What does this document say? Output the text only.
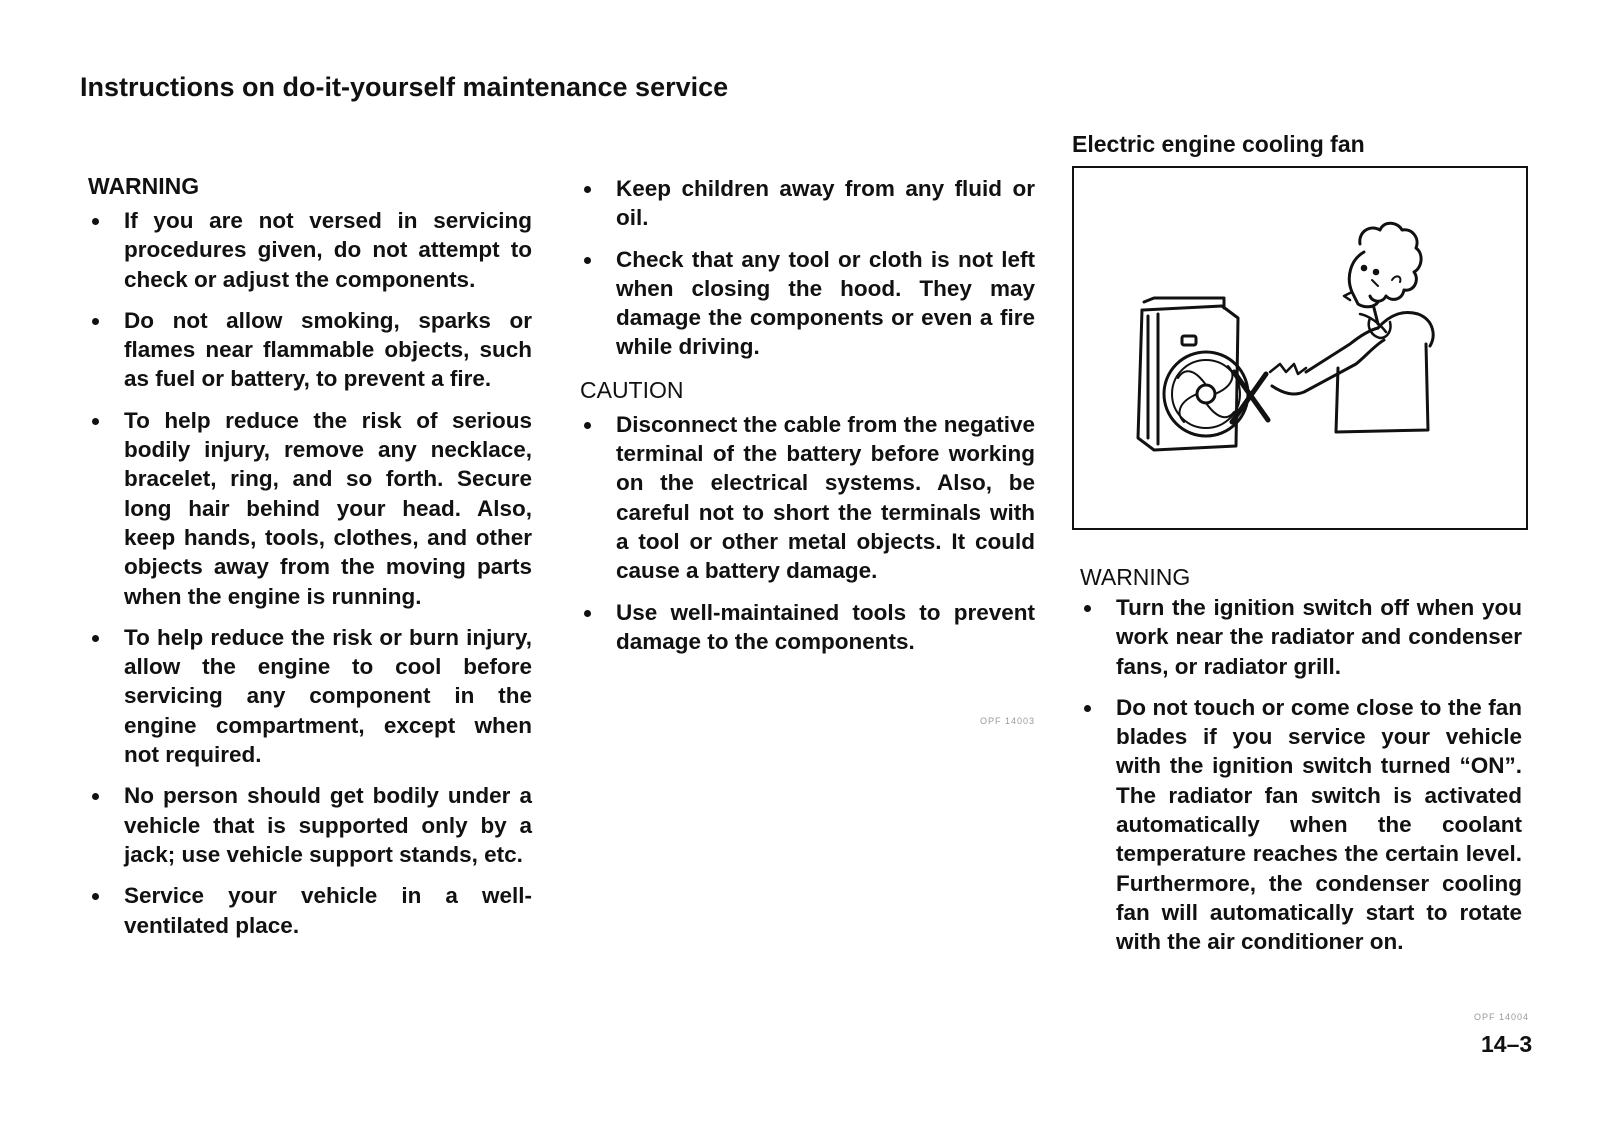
Instructions on do-it-yourself maintenance service
WARNING
If you are not versed in servicing procedures given, do not attempt to check or adjust the components.
Do not allow smoking, sparks or flames near flammable objects, such as fuel or battery, to prevent a fire.
To help reduce the risk of serious bodily injury, remove any necklace, bracelet, ring, and so forth. Secure long hair behind your head. Also, keep hands, tools, clothes, and other objects away from the moving parts when the engine is running.
To help reduce the risk or burn injury, allow the engine to cool before servicing any component in the engine compartment, except when not required.
No person should get bodily under a vehicle that is supported only by a jack; use vehicle support stands, etc.
Service your vehicle in a well-ventilated place.
Keep children away from any fluid or oil.
Check that any tool or cloth is not left when closing the hood. They may damage the components or even a fire while driving.
CAUTION
Disconnect the cable from the negative terminal of the battery before working on the electrical systems. Also, be careful not to short the terminals with a tool or other metal objects. It could cause a battery damage.
Use well-maintained tools to prevent damage to the components.
OPF 14003
Electric engine cooling fan
WARNING
Turn the ignition switch off when you work near the radiator and condenser fans, or radiator grill.
Do not touch or come close to the fan blades if you service your vehicle with the ignition switch turned “ON”. The radiator fan switch is activated automatically when the coolant temperature reaches the certain level. Furthermore, the condenser cooling fan will automatically start to rotate with the air conditioner on.
OPF 14004
14–3
